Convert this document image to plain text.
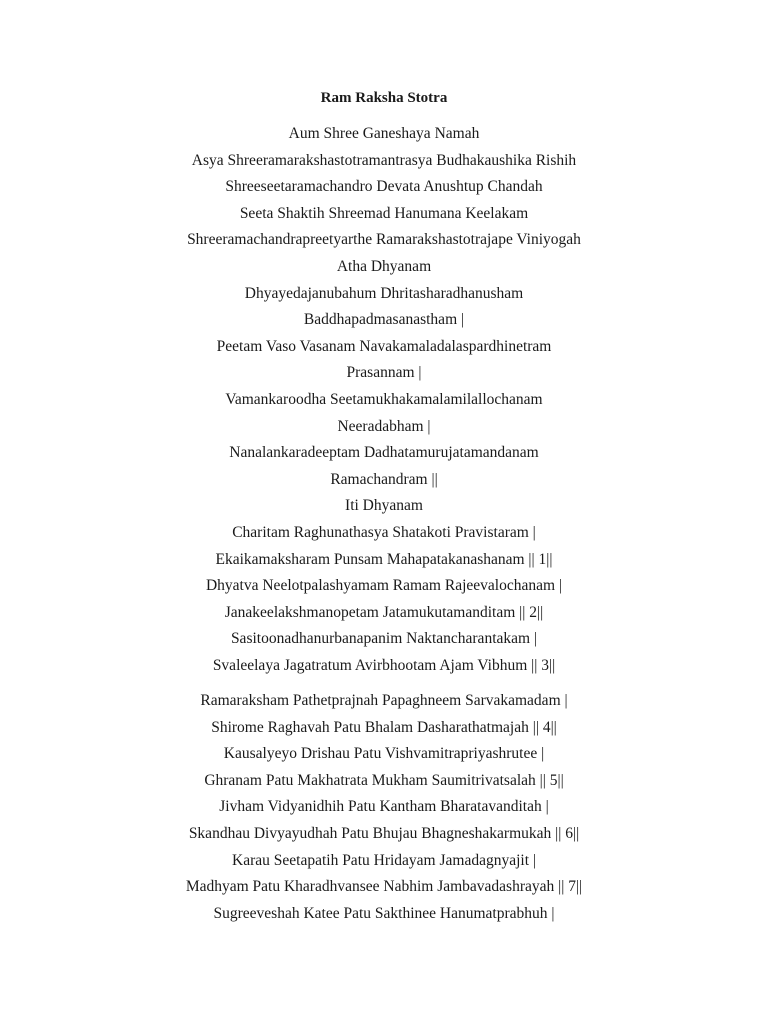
Ram Raksha Stotra
Aum Shree Ganeshaya Namah
Asya Shreeramarakshastotramantrasya Budhakaushika Rishih
Shreeseetaramachandro Devata Anushtup Chandah
Seeta Shaktih Shreemad Hanumana Keelakam
Shreeramachandrapreetyarthe Ramarakshastotrajape Viniyogah
Atha Dhyanam
Dhyayedajanubahum Dhritasharadhanusham
Baddhapadmasanastham |
Peetam Vaso Vasanam Navakamaladalaspardhinetram
Prasannam |
Vamankaroodha Seetamukhakamalamilallochanam
Neeradabham |
Nanalankaradeeptam Dadhatamurujatamandanam
Ramachandram ||
Iti Dhyanam
Charitam Raghunathasya Shatakoti Pravistaram |
Ekaikamaksharam Punsam Mahapatakanashanam || 1||
Dhyatva Neelotpalashyamam Ramam Rajeevalochanam |
Janakeelakshmanopetam Jatamukutamanditam || 2||
Sasitoonadhanurbanapanim Naktancharantakam |
Svaleelaya Jagatratum Avirbhootam Ajam Vibhum || 3||
Ramaraksham Pathetprajnah Papaghneem Sarvakamadam |
Shirome Raghavah Patu Bhalam Dasharathatmajah || 4||
Kausalyeyo Drishau Patu Vishvamitrapriyashrutee |
Ghranam Patu Makhatrata Mukham Saumitrivatsalah || 5||
Jivham Vidyanidhih Patu Kantham Bharatavanditah |
Skandhau Divyayudhah Patu Bhujau Bhagneshakarmukah || 6||
Karau Seetapatih Patu Hridayam Jamadagnyajit |
Madhyam Patu Kharadhvansee Nabhim Jambavadashrayah || 7||
Sugreeveshah Katee Patu Sakthinee Hanumatprabhuh |
